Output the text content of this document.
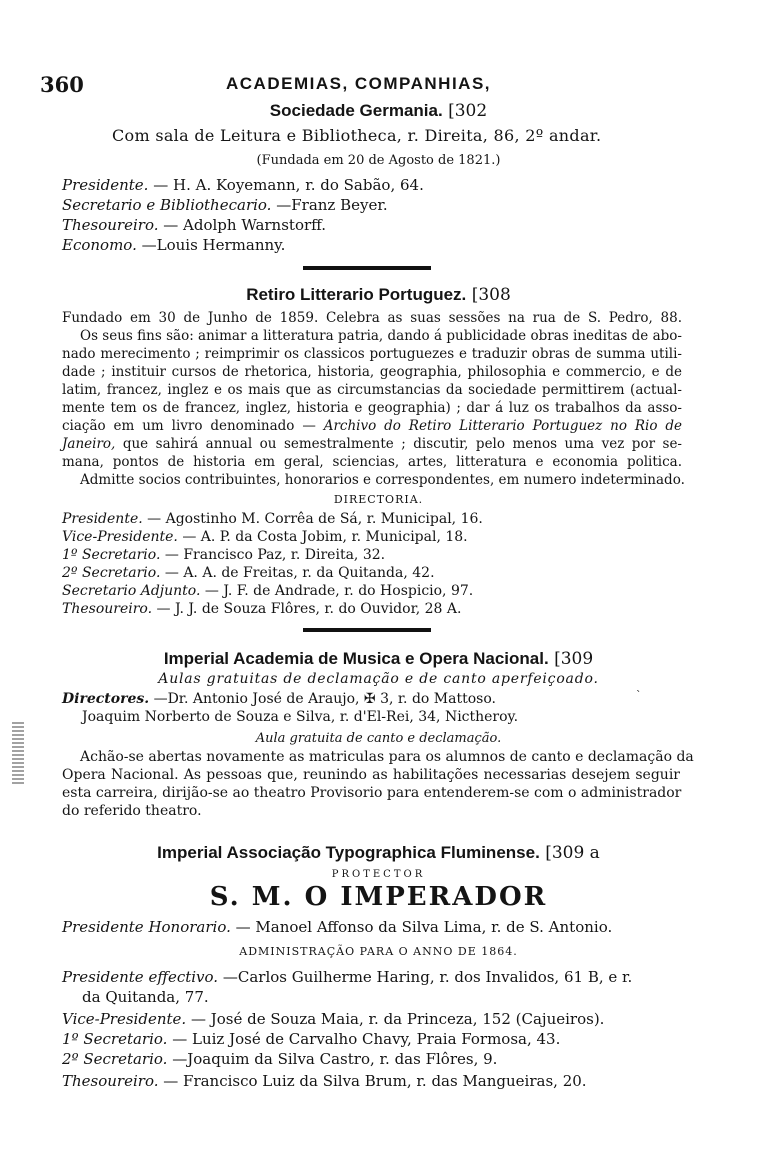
360	ACADEMIAS, COMPANHIAS,
Sociedade Germania. [302
Com sala de Leitura e Bibliotheca, r. Direita, 86, 2º andar.
(Fundada em 20 de Agosto de 1821.)
Presidente. — H. A. Koyemann, r. do Sabão, 64.
Secretario e Bibliothecario. —Franz Beyer.
Thesoureiro. — Adolph Warnstorff.
Economo. —Louis Hermanny.
Retiro Litterario Portuguez. [308
Fundado em 30 de Junho de 1859. Celebra as suas sessões na rua de S. Pedro, 88.
Os seus fins são: animar a litteratura patria, dando á publicidade obras ineditas de abo-
nado merecimento ; reimprimir os classicos portuguezes e traduzir obras de summa utili-
dade ; instituir cursos de rhetorica, historia, geographia, philosophia e commercio, e de
latim, francez, inglez e os mais que as circumstancias da sociedade permittirem (actual-
mente tem os de francez, inglez, historia e geographia) ; dar á luz os trabalhos da asso-
ciação em um livro denominado — Archivo do Retiro Litterario Portuguez no Rio de
Janeiro, que sahirá annual ou semestralmente ; discutir, pelo menos uma vez por se-
mana, pontos de historia em geral, sciencias, artes, litteratura e economia politica.
Admitte socios contribuintes, honorarios e correspondentes, em numero indeterminado.
DIRECTORIA.
Presidente. — Agostinho M. Corrêa de Sá, r. Municipal, 16.
Vice-Presidente. — A. P. da Costa Jobim, r. Municipal, 18.
1º Secretario. — Francisco Paz, r. Direita, 32.
2º Secretario. — A. A. de Freitas, r. da Quitanda, 42.
Secretario Adjunto. — J. F. de Andrade, r. do Hospicio, 97.
Thesoureiro. — J. J. de Souza Flôres, r. do Ouvidor, 28 A.
Imperial Academia de Musica e Opera Nacional. [309
Aulas gratuitas de declamação e de canto aperfeiçoado.
Directores. —Dr. Antonio José de Araujo, ✠ 3, r. do Mattoso.
Joaquim Norberto de Souza e Silva, r. d'El-Rei, 34, Nictheroy.
Aula gratuita de canto e declamação.
Achão-se abertas novamente as matriculas para os alumnos de canto e declamação da
Opera Nacional. As pessoas que, reunindo as habilitações necessarias desejem seguir
esta carreira, dirijão-se ao theatro Provisorio para entenderem-se com o administrador
do referido theatro.
Imperial Associação Typographica Fluminense. [309 a
PROTECTOR
S. M. O IMPERADOR
Presidente Honorario. — Manoel Affonso da Silva Lima, r. de S. Antonio.
ADMINISTRAÇÃO PARA O ANNO DE 1864.
Presidente effectivo. —Carlos Guilherme Haring, r. dos Invalidos, 61 B, e r.
da Quitanda, 77.
Vice-Presidente. — José de Souza Maia, r. da Princeza, 152 (Cajueiros).
1º Secretario. — Luiz José de Carvalho Chavy, Praia Formosa, 43.
2º Secretario. —Joaquim da Silva Castro, r. das Flôres, 9.
Thesoureiro. — Francisco Luiz da Silva Brum, r. das Mangueiras, 20.
ˋ
